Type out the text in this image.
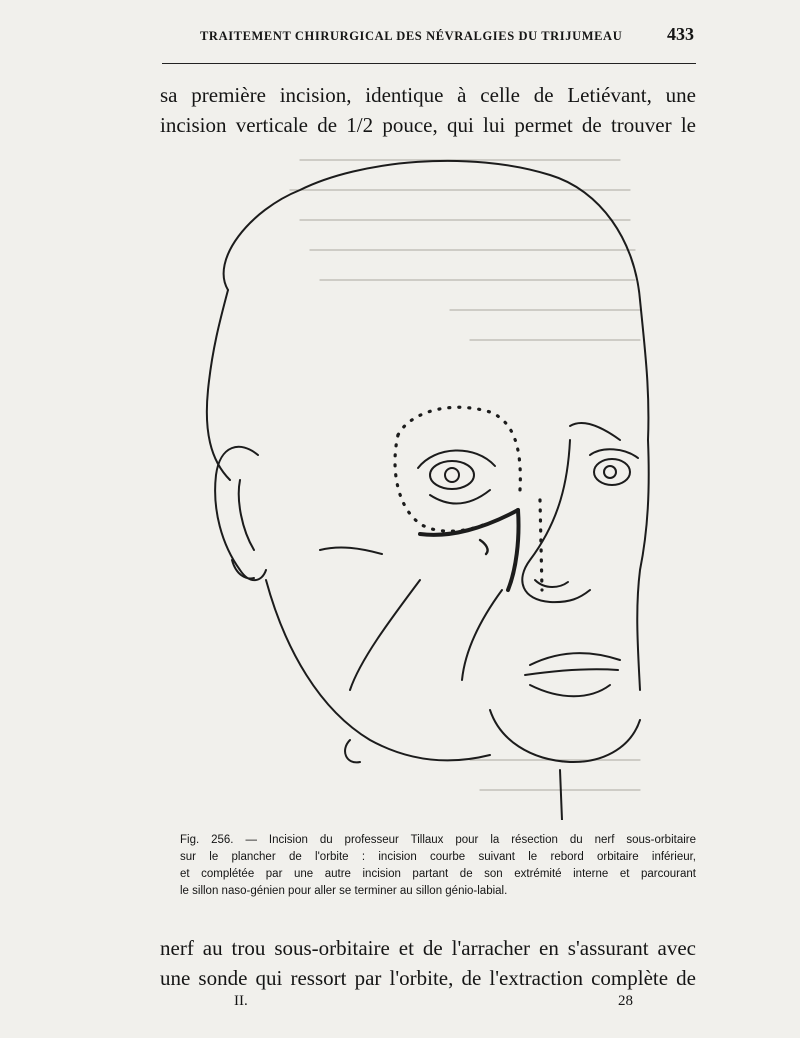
TRAITEMENT CHIRURGICAL DES NÉVRALGIES DU TRIJUMEAU 433
sa première incision, identique à celle de Letiévant, une
incision verticale de 1/2 pouce, qui lui permet de trouver le
Fig. 256. — Incision du professeur Tillaux pour la résection du nerf sous-orbitaire
sur le plancher de l'orbite : incision courbe suivant le rebord orbitaire inférieur,
et complétée par une autre incision partant de son extrémité interne et parcourant
le sillon naso-génien pour aller se terminer au sillon génio-labial.
nerf au trou sous-orbitaire et de l'arracher en s'assurant avec
une sonde qui ressort par l'orbite, de l'extraction complète de
II.	28
